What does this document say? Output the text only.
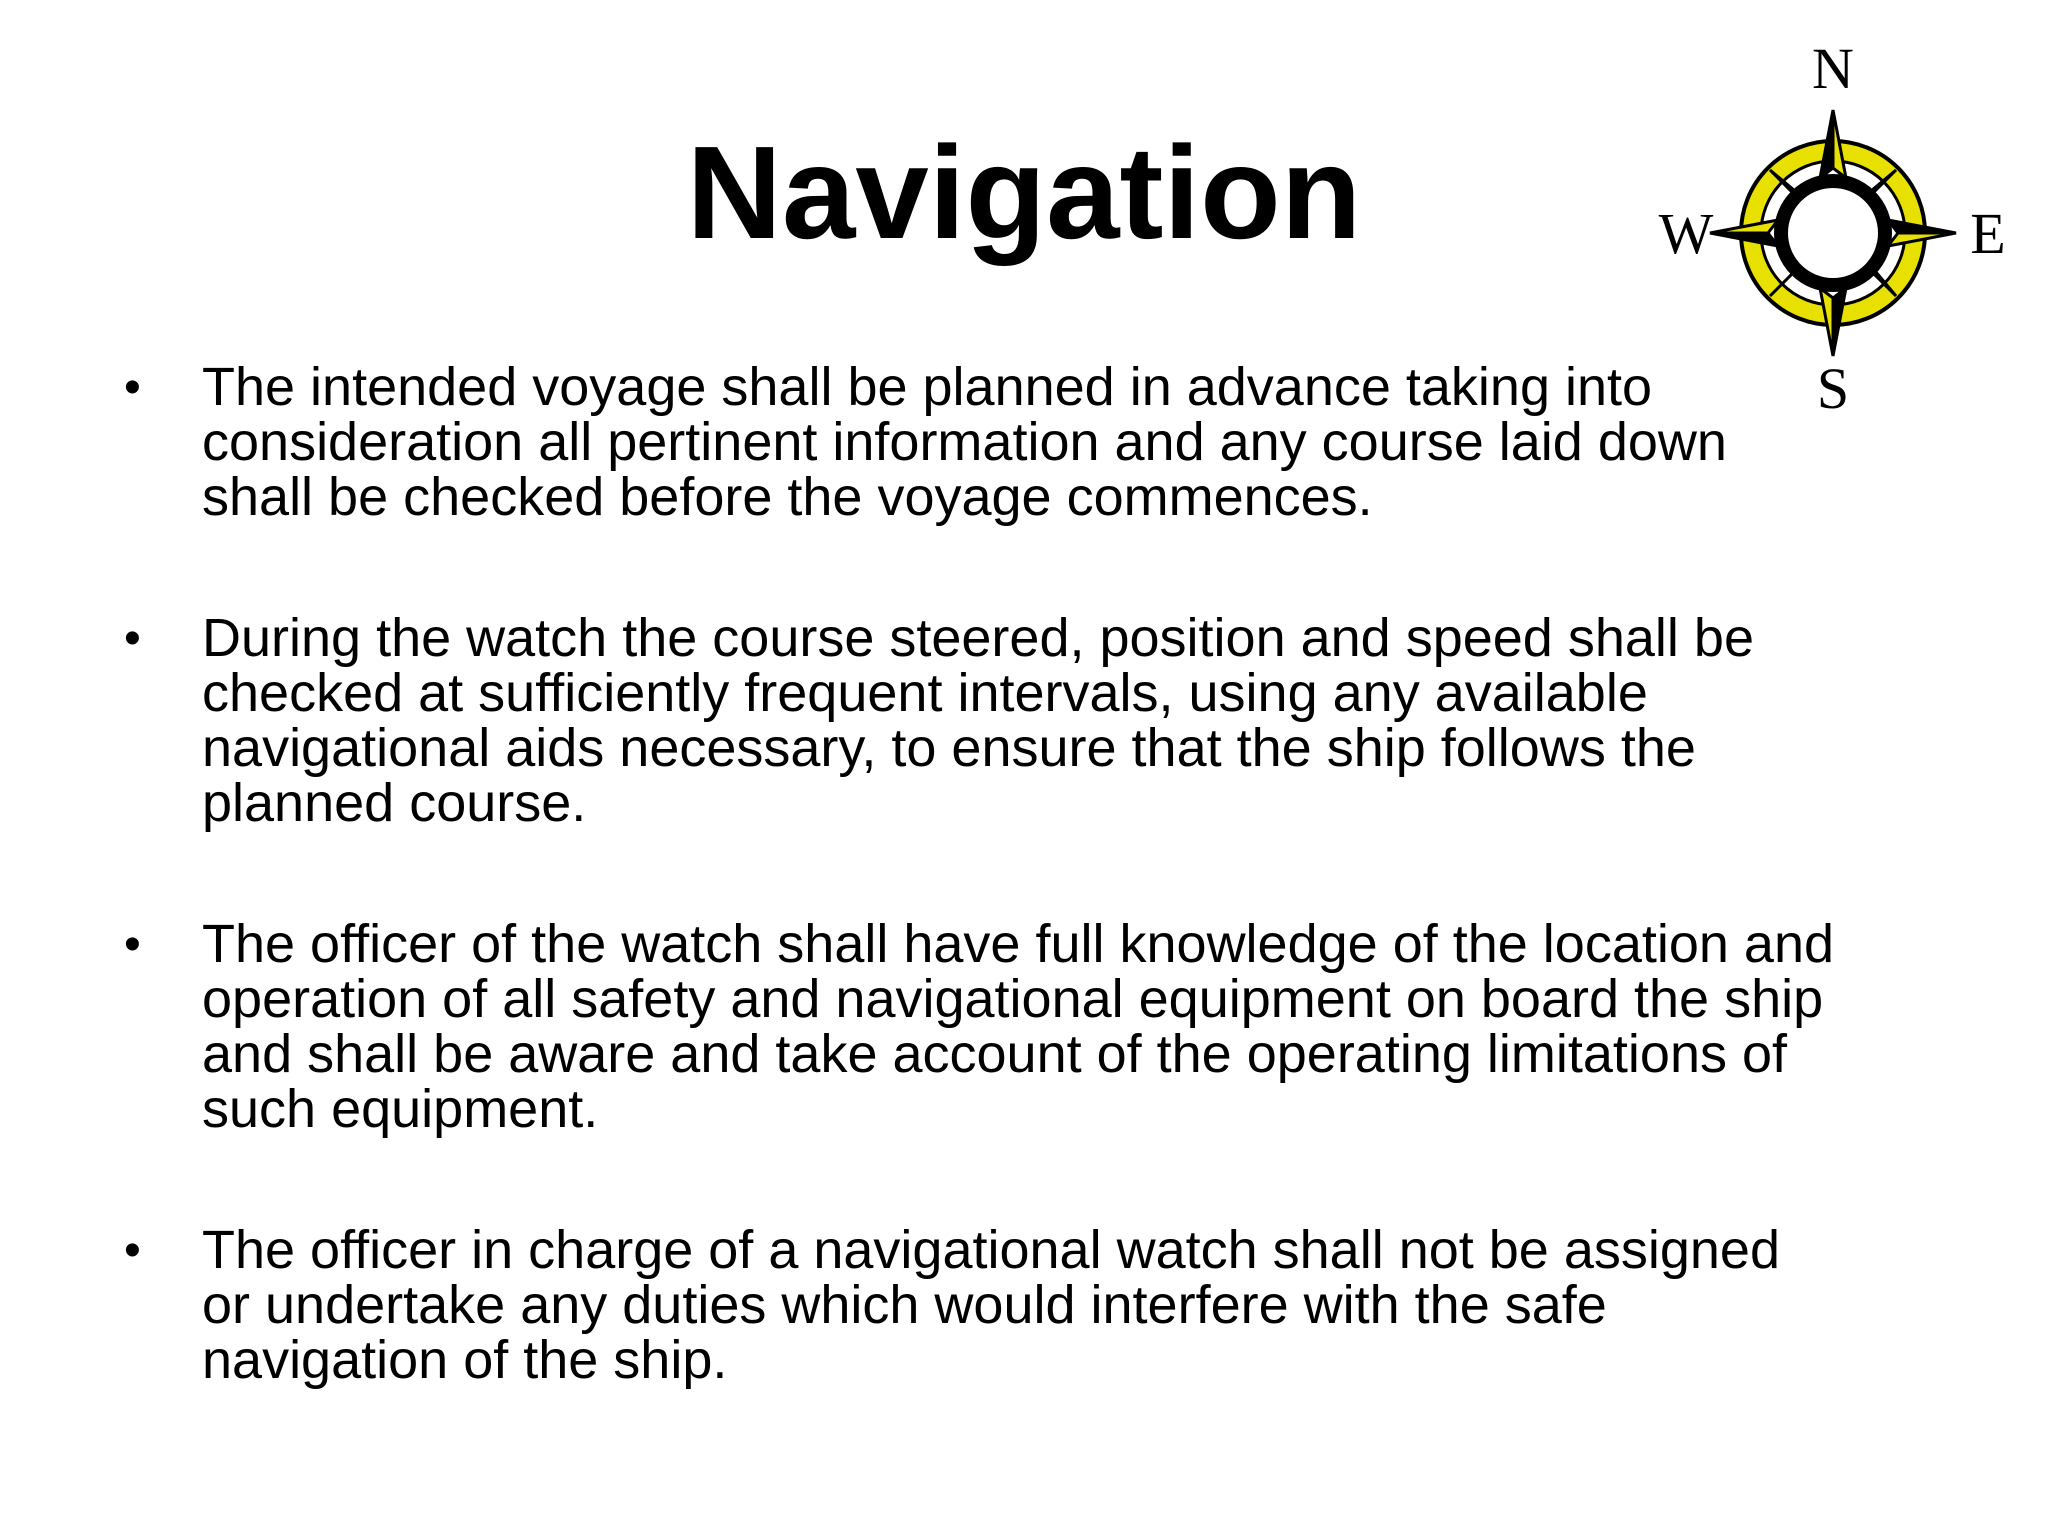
Navigation
N
S
E
W
• The intended voyage shall be planned in advance taking into
consideration all pertinent information and any course laid down
shall be checked before the voyage commences.
• During the watch the course steered, position and speed shall be
checked at sufficiently frequent intervals, using any available
navigational aids necessary, to ensure that the ship follows the
planned course.
• The officer of the watch shall have full knowledge of the location and
operation of all safety and navigational equipment on board the ship
and shall be aware and take account of the operating limitations of
such equipment.
• The officer in charge of a navigational watch shall not be assigned
or undertake any duties which would interfere with the safe
navigation of the ship.
